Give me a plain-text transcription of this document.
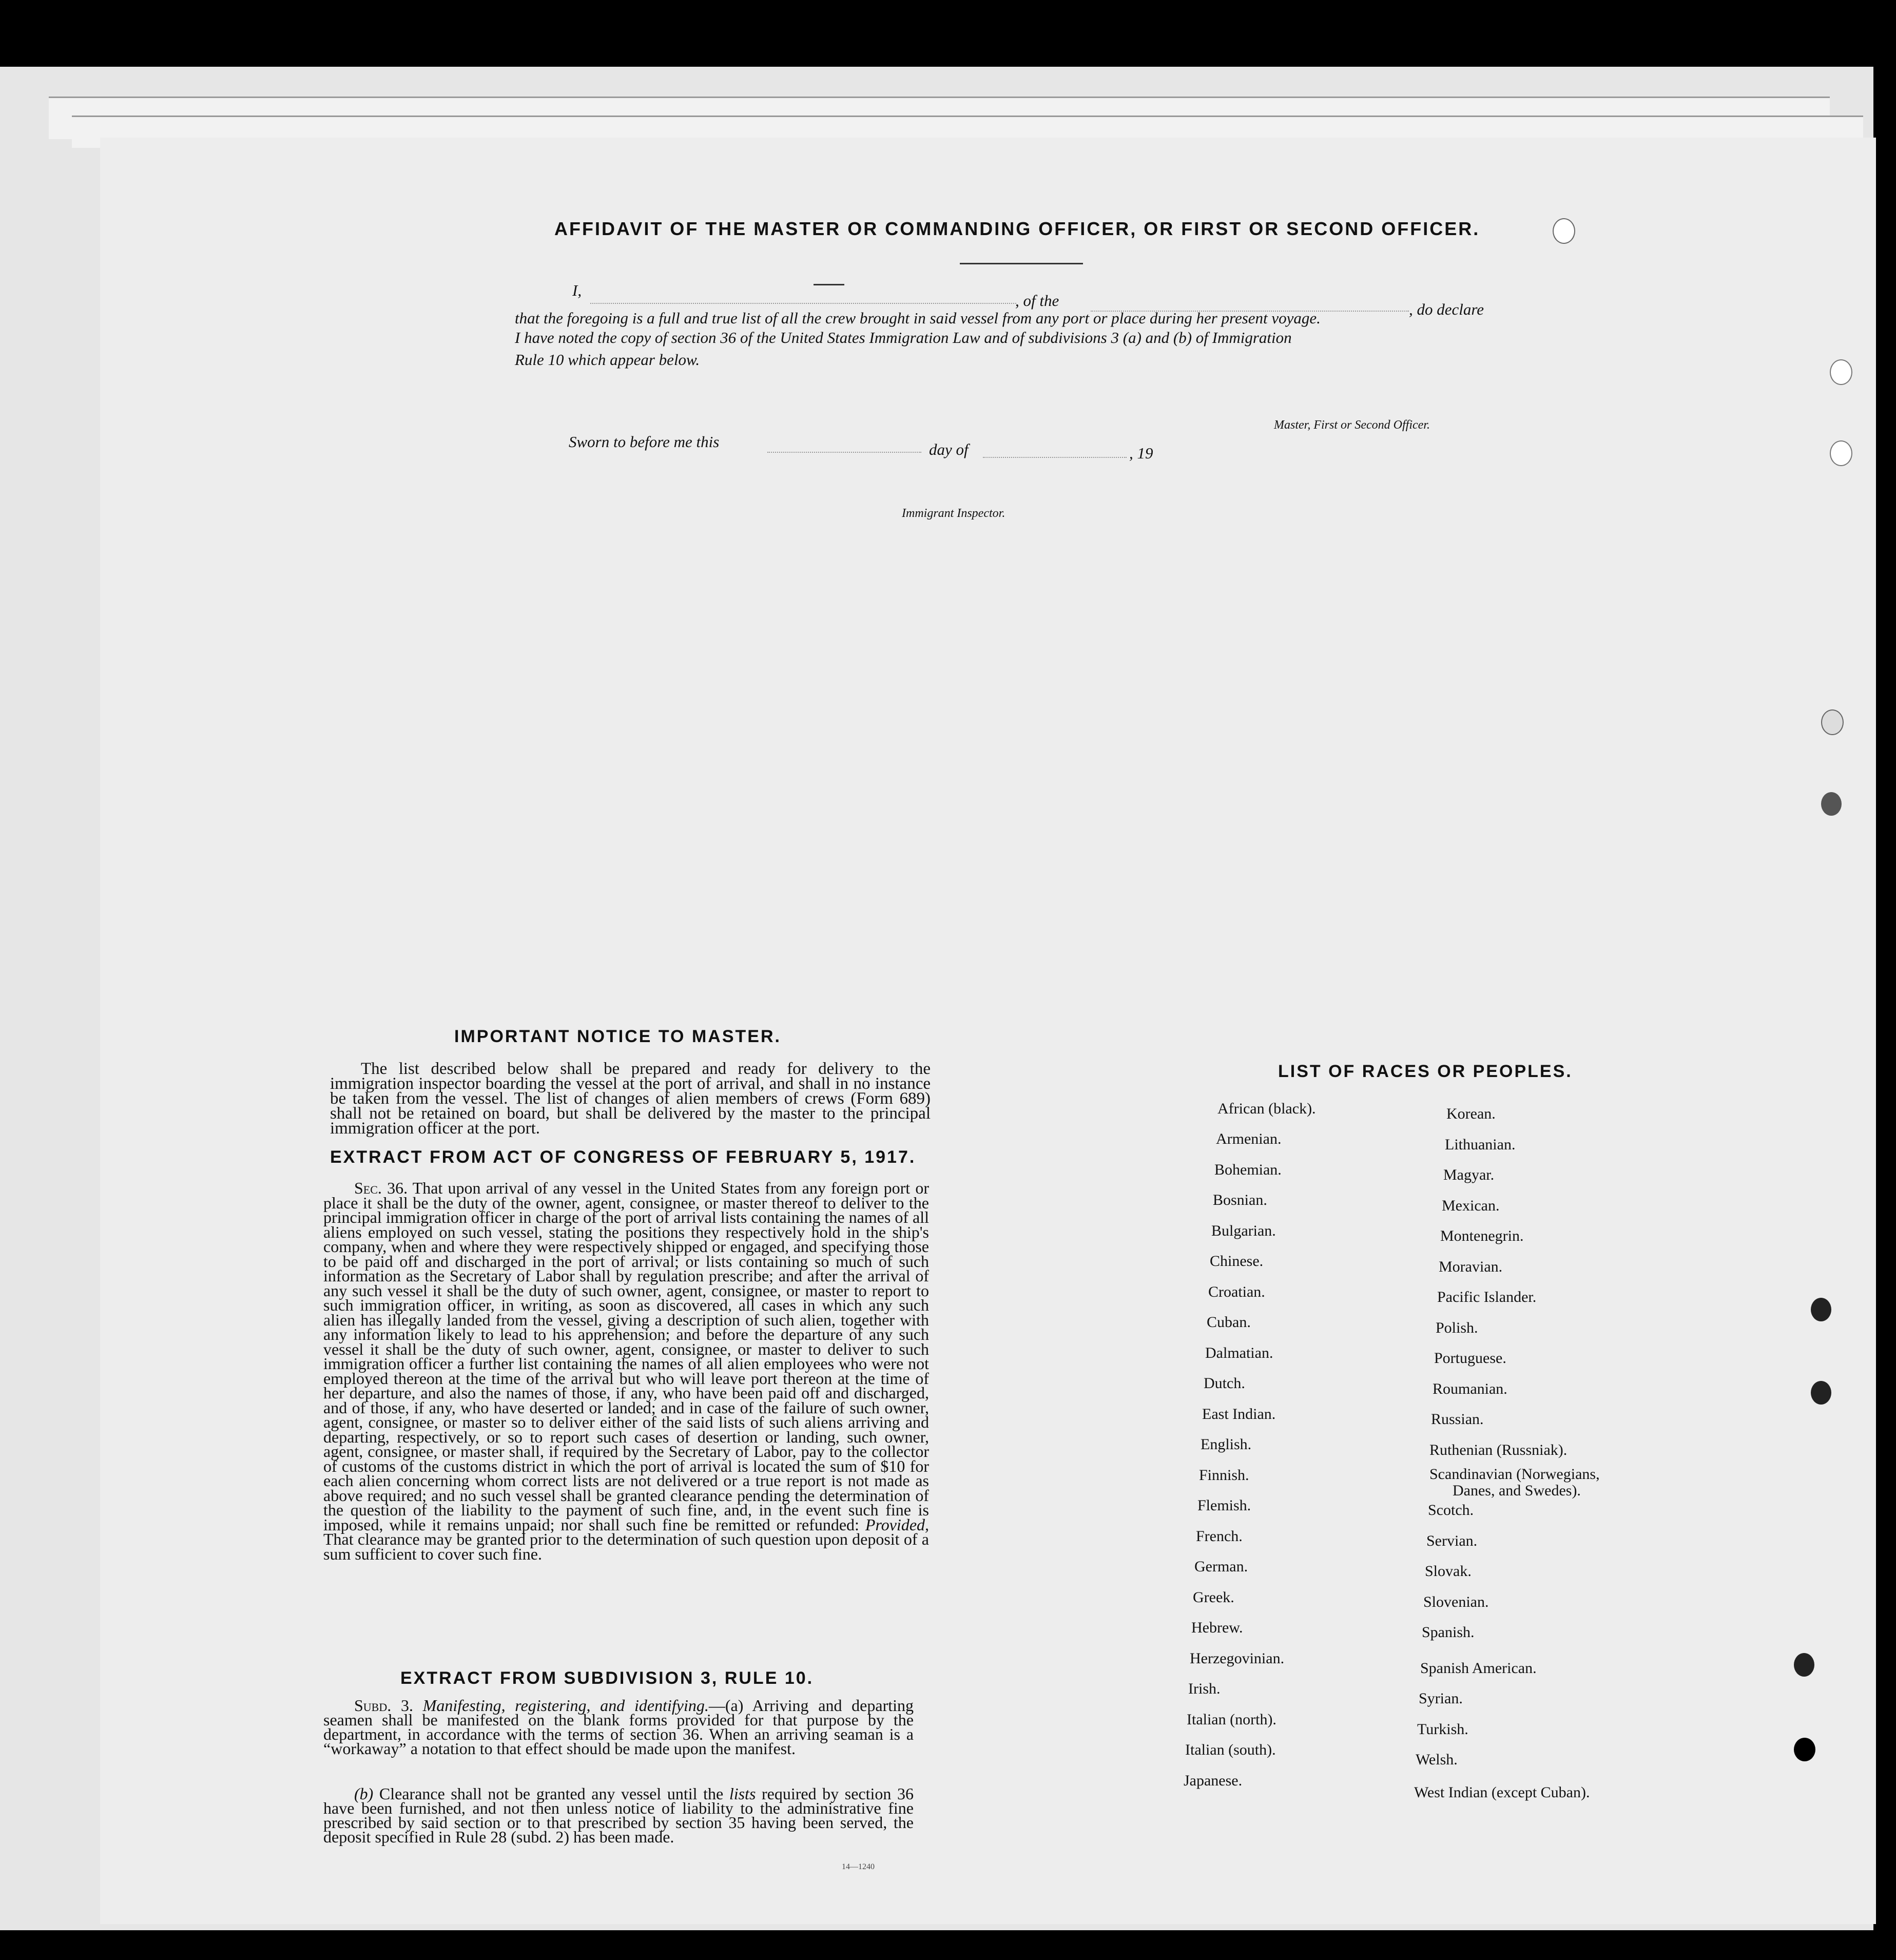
AFFIDAVIT OF THE MASTER OR COMMANDING OFFICER, OR FIRST OR SECOND OFFICER.
I,
, of the	, do declare
that the foregoing is a full and true list of all the crew brought in said vessel from any port or place during her present voyage.
I have noted the copy of section 36 of the United States Immigration Law and of subdivisions 3 (a) and (b) of Immigration
Rule 10 which appear below.
Master, First or Second Officer.
Sworn to before me this	day of	, 19
Immigrant Inspector.
IMPORTANT NOTICE TO MASTER.

The list described below shall be prepared and ready for delivery to the immigration inspector boarding the vessel at the port of arrival, and shall in no instance be taken from the vessel. The list of changes of alien members of crews (Form 689) shall not be retained on board, but shall be delivered by the master to the principal immigration officer at the port.

EXTRACT FROM ACT OF CONGRESS OF FEBRUARY 5, 1917.

Sec. 36. That upon arrival of any vessel in the United States from any foreign port or place it shall be the duty of the owner, agent, consignee, or master thereof to deliver to the principal immigration officer in charge of the port of arrival lists containing the names of all aliens employed on such vessel, stating the positions they respectively hold in the ship's company, when and where they were respectively shipped or engaged, and specifying those to be paid off and discharged in the port of arrival; or lists containing so much of such information as the Secretary of Labor shall by regulation prescribe; and after the arrival of any such vessel it shall be the duty of such owner, agent, consignee, or master to report to such immigration officer, in writing, as soon as discovered, all cases in which any such alien has illegally landed from the vessel, giving a description of such alien, together with any information likely to lead to his apprehension; and before the departure of any such vessel it shall be the duty of such owner, agent, consignee, or master to deliver to such immigration officer a further list containing the names of all alien employees who were not employed thereon at the time of the arrival but who will leave port thereon at the time of her departure, and also the names of those, if any, who have been paid off and discharged, and of those, if any, who have deserted or landed; and in case of the failure of such owner, agent, consignee, or master so to deliver either of the said lists of such aliens arriving and departing, respectively, or so to report such cases of desertion or landing, such owner, agent, consignee, or master shall, if required by the Secretary of Labor, pay to the collector of customs of the customs district in which the port of arrival is located the sum of $10 for each alien concerning whom correct lists are not delivered or a true report is not made as above required; and no such vessel shall be granted clearance pending the determination of the question of the liability to the payment of such fine, and, in the event such fine is imposed, while it remains unpaid; nor shall such fine be remitted or refunded: Provided, That clearance may be granted prior to the determination of such question upon deposit of a sum sufficient to cover such fine.

EXTRACT FROM SUBDIVISION 3, RULE 10.

Subd. 3. Manifesting, registering, and identifying.—(a) Arriving and departing seamen shall be manifested on the blank forms provided for that purpose by the department, in accordance with the terms of section 36. When an arriving seaman is a “workaway” a notation to that effect should be made upon the manifest.

(b) Clearance shall not be granted any vessel until the lists required by section 36 have been furnished, and not then unless notice of liability to the administrative fine prescribed by said section or to that prescribed by section 35 having been served, the deposit specified in Rule 28 (subd. 2) has been made.

14—1240
LIST OF RACES OR PEOPLES.
African (black).
Armenian.
Bohemian.
Bosnian.
Bulgarian.
Chinese.
Croatian.
Cuban.
Dalmatian.
Dutch.
East Indian.
English.
Finnish.
Flemish.
French.
German.
Greek.
Hebrew.
Herzegovinian.
Irish.
Italian (north).
Italian (south).
Japanese.
Korean.
Lithuanian.
Magyar.
Mexican.
Montenegrin.
Moravian.
Pacific Islander.
Polish.
Portuguese.
Roumanian.
Russian.
Ruthenian (Russniak).
Scandinavian (Norwegians,
Danes, and Swedes).
Scotch.
Servian.
Slovak.
Slovenian.
Spanish.
Spanish American.
Syrian.
Turkish.
Welsh.
West Indian (except Cuban).
